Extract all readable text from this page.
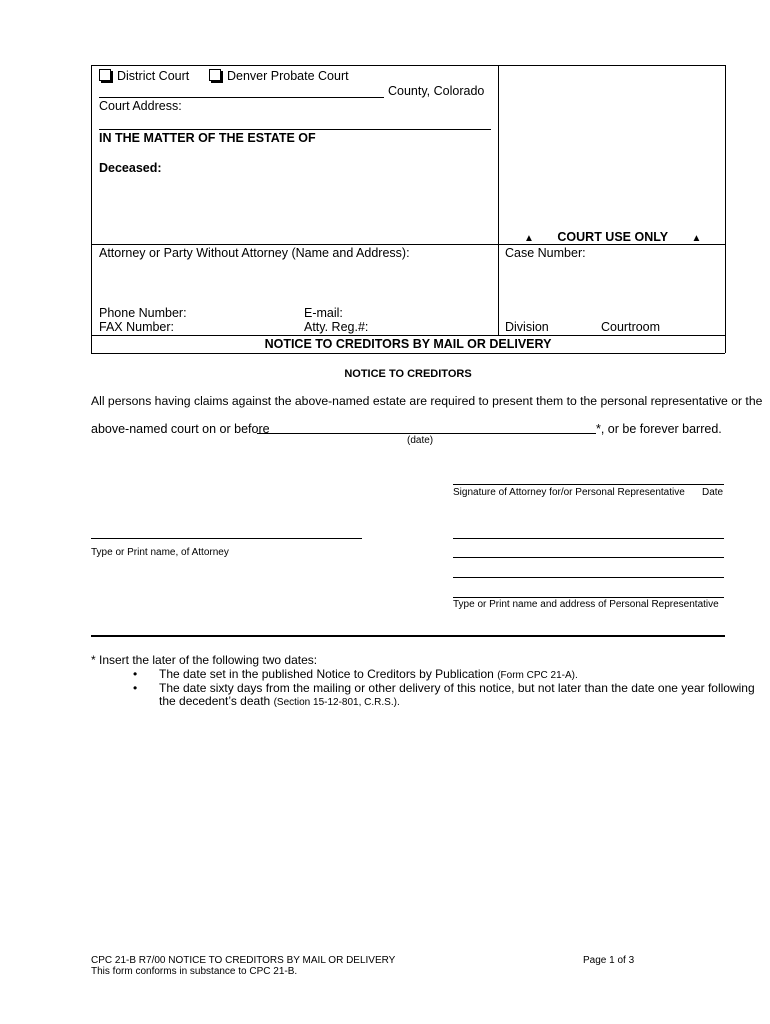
District Court	Denver Probate Court
County, Colorado
Court Address:
IN THE MATTER OF THE ESTATE OF
Deceased:
▲ COURT USE ONLY ▲
Attorney or Party Without Attorney (Name and Address):	Case Number:
Phone Number:	E-mail:
FAX Number:	Atty. Reg.#:	Division	Courtroom
NOTICE TO CREDITORS BY MAIL OR DELIVERY
NOTICE TO CREDITORS
All persons having claims against the above-named estate are required to present them to the personal representative or the
above-named court on or before	*, or be forever barred.
(date)
Signature of Attorney for/or Personal Representative Date
Type or Print name, of Attorney
Type or Print name and address of Personal Representative
* Insert the later of the following two dates:
• The date set in the published Notice to Creditors by Publication (Form CPC 21-A).
• The date sixty days from the mailing or other delivery of this notice, but not later than the date one year following
the decedent’s death (Section 15-12-801, C.R.S.).
CPC 21-B R7/00 NOTICE TO CREDITORS BY MAIL OR DELIVERY
This form conforms in substance to CPC 21-B.
Page 1 of 3
